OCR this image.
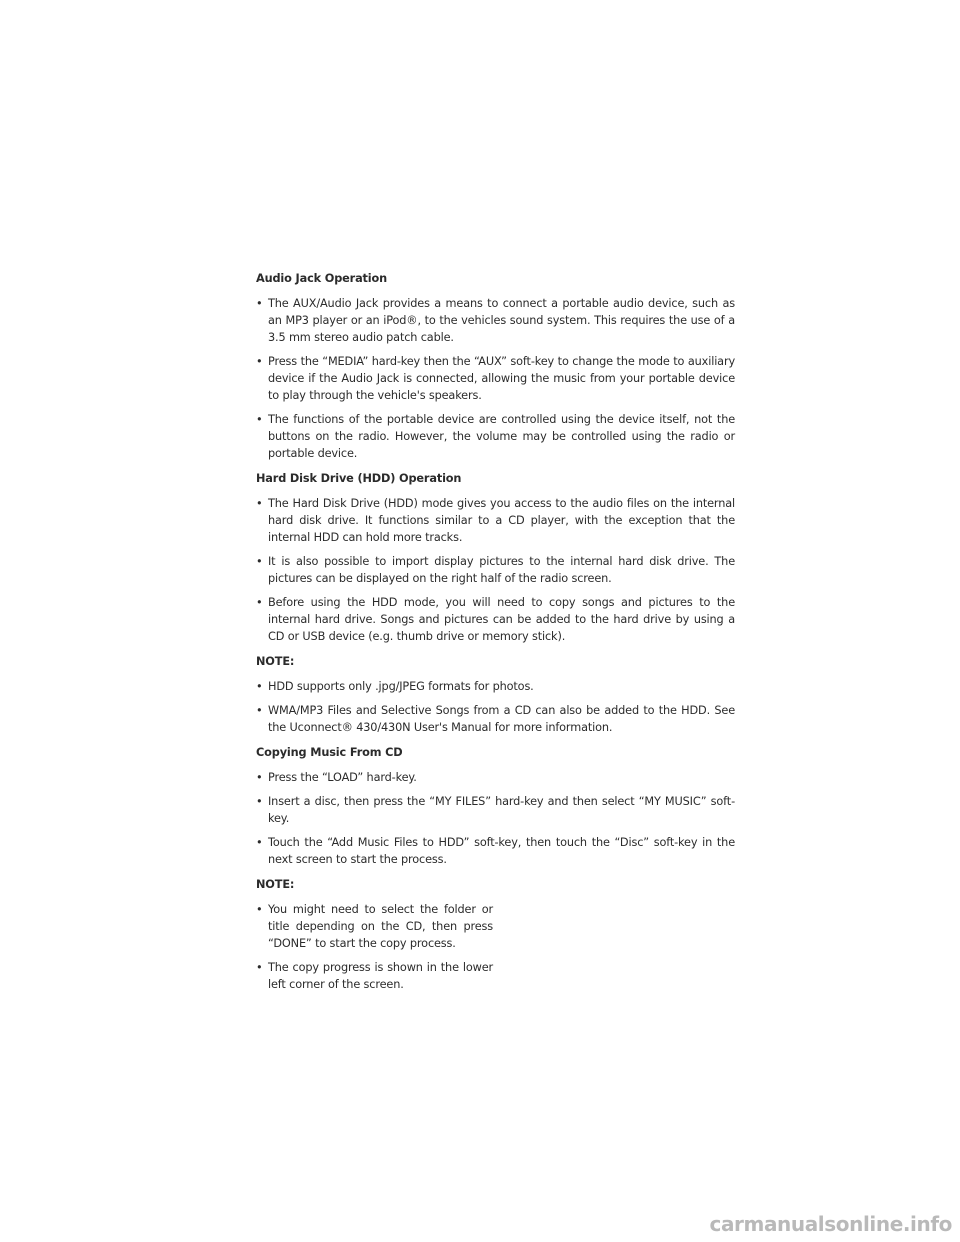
Audio Jack Operation
• The AUX/Audio Jack provides a means to connect a portable audio device, such as an MP3 player or an iPod®, to the vehicles sound system. This requires the use of a 3.5 mm stereo audio patch cable.
• Press the “MEDIA” hard-key then the “AUX” soft-key to change the mode to auxiliary device if the Audio Jack is connected, allowing the music from your portable device to play through the vehicle's speakers.
• The functions of the portable device are controlled using the device itself, not the buttons on the radio. However, the volume may be controlled using the radio or portable device.
Hard Disk Drive (HDD) Operation
• The Hard Disk Drive (HDD) mode gives you access to the audio files on the internal hard disk drive. It functions similar to a CD player, with the exception that the internal HDD can hold more tracks.
• It is also possible to import display pictures to the internal hard disk drive. The pictures can be displayed on the right half of the radio screen.
• Before using the HDD mode, you will need to copy songs and pictures to the internal hard drive. Songs and pictures can be added to the hard drive by using a CD or USB device (e.g. thumb drive or memory stick).
NOTE:
• HDD supports only .jpg/JPEG formats for photos.
• WMA/MP3 Files and Selective Songs from a CD can also be added to the HDD. See the Uconnect® 430/430N User's Manual for more information.
Copying Music From CD
• Press the “LOAD” hard-key.
• Insert a disc, then press the “MY FILES” hard-key and then select “MY MUSIC” soft-key.
• Touch the “Add Music Files to HDD” soft-key, then touch the “Disc” soft-key in the next screen to start the process.
NOTE:
• You might need to select the folder or title depending on the CD, then press “DONE” to start the copy process.
• The copy progress is shown in the lower left corner of the screen.
carmanualsonline.info
